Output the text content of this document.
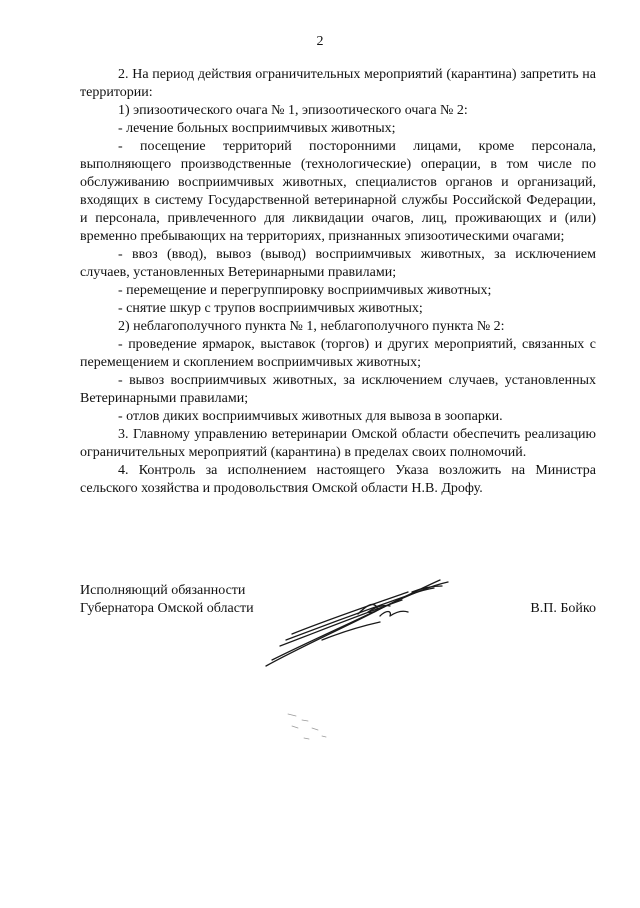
2

2. На период действия ограничительных мероприятий (карантина) запретить на территории:

1) эпизоотического очага № 1, эпизоотического очага № 2:

- лечение больных восприимчивых животных;

- посещение территорий посторонними лицами, кроме персонала, выполняющего производственные (технологические) операции, в том числе по обслуживанию восприимчивых животных, специалистов органов и организаций, входящих в систему Государственной ветеринарной службы Российской Федерации, и персонала, привлеченного для ликвидации очагов, лиц, проживающих и (или) временно пребывающих на территориях, признанных эпизоотическими очагами;

- ввоз (ввод), вывоз (вывод) восприимчивых животных, за исключением случаев, установленных Ветеринарными правилами;

- перемещение и перегруппировку восприимчивых животных;

- снятие шкур с трупов восприимчивых животных;

2) неблагополучного пункта № 1, неблагополучного пункта № 2:

- проведение ярмарок, выставок (торгов) и других мероприятий, связанных с перемещением и скоплением восприимчивых животных;

- вывоз восприимчивых животных, за исключением случаев, установленных Ветеринарными правилами;

- отлов диких восприимчивых животных для вывоза в зоопарки.

3. Главному управлению ветеринарии Омской области обеспечить реализацию ограничительных мероприятий (карантина) в пределах своих полномочий.

4. Контроль за исполнением настоящего Указа возложить на Министра сельского хозяйства и продовольствия Омской области Н.В. Дрофу.

Исполняющий обязанности
Губернатора Омской области	В.П. Бойко
